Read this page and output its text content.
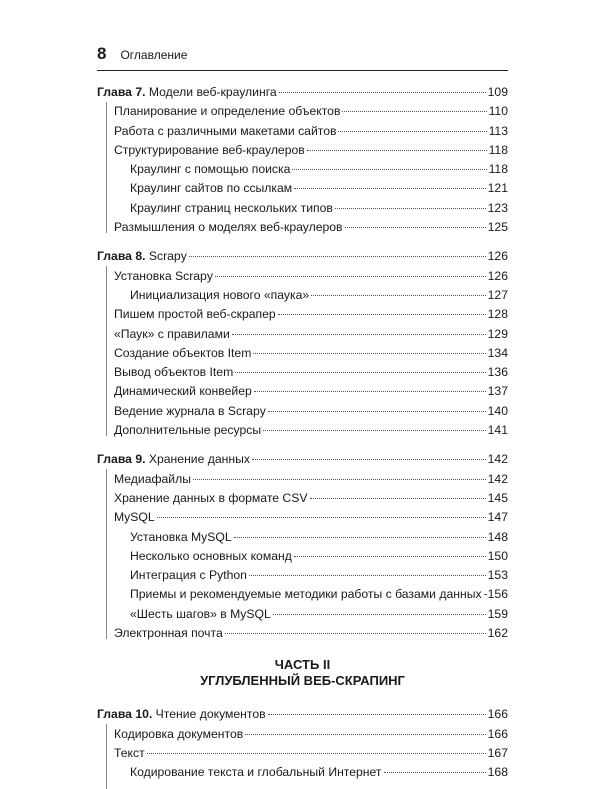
8 Оглавление
Глава 7. Модели веб-краулинга	109
Планирование и определение объектов	110
Работа с различными макетами сайтов	113
Структурирование веб-краулеров	118
Краулинг с помощью поиска	118
Краулинг сайтов по ссылкам	121
Краулинг страниц нескольких типов	123
Размышления о моделях веб-краулеров	125
Глава 8. Scrapy	126
Установка Scrapy	126
Инициализация нового «паука»	127
Пишем простой веб-скрапер	128
«Паук» с правилами	129
Создание объектов Item	134
Вывод объектов Item	136
Динамический конвейер	137
Ведение журнала в Scrapy	140
Дополнительные ресурсы	141
Глава 9. Хранение данных	142
Медиафайлы	142
Хранение данных в формате CSV	145
MySQL	147
Установка MySQL	148
Несколько основных команд	150
Интеграция с Python	153
Приемы и рекомендуемые методики работы с базами данных 156
«Шесть шагов» в MySQL	159
Электронная почта	162
ЧАСТЬ II
УГЛУБЛЕННЫЙ ВЕБ-СКРАПИНГ
Глава 10. Чтение документов	166
Кодировка документов	166
Текст	167
Кодирование текста и глобальный Интернет	168
